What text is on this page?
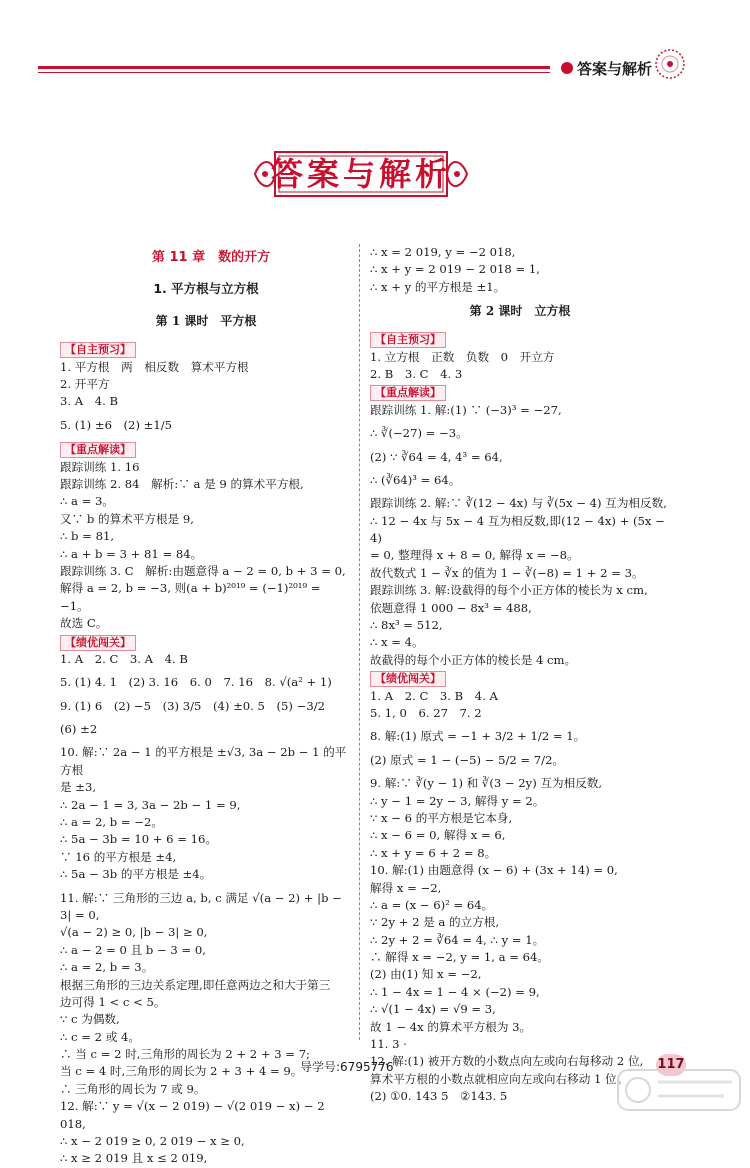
答案与解析
答案与解析
第 11 章　数的开方
1. 平方根与立方根
第 1 课时　平方根
【自主预习】

1. 平方根　两　相反数　算术平方根

2. 开平方

3. A　4. B

5. (1) ±6　(2) ±1/5

【重点解读】

跟踪训练 1. 16

跟踪训练 2. 84　解析:∵ a 是 9 的算术平方根,

∴ a = 3。

又∵ b 的算术平方根是 9,

∴ b = 81,

∴ a + b = 3 + 81 = 84。

跟踪训练 3. C　解析:由题意得 a − 2 = 0, b + 3 = 0,

解得 a = 2, b = −3, 则(a + b)²⁰¹⁹ = (−1)²⁰¹⁹ = −1。

故选 C。

【绩优闯关】

1. A　2. C　3. A　4. B

5. (1) 4. 1　(2) 3. 16　6. 0　7. 16　8. √(a² + 1)

9. (1) 6　(2) −5　(3) 3/5　(4) ±0. 5　(5) −3/2

(6) ±2

10. 解:∵ 2a − 1 的平方根是 ±√3, 3a − 2b − 1 的平方根

是 ±3,

∴ 2a − 1 = 3, 3a − 2b − 1 = 9,

∴ a = 2, b = −2。

∴ 5a − 3b = 10 + 6 = 16。

∵ 16 的平方根是 ±4,

∴ 5a − 3b 的平方根是 ±4。

11. 解:∵ 三角形的三边 a, b, c 满足 √(a − 2) + |b − 3| = 0,

√(a − 2) ≥ 0, |b − 3| ≥ 0,

∴ a − 2 = 0 且 b − 3 = 0,

∴ a = 2, b = 3。

根据三角形的三边关系定理,即任意两边之和大于第三

边可得 1 < c < 5。

∵ c 为偶数,

∴ c = 2 或 4。

∴ 当 c = 2 时,三角形的周长为 2 + 2 + 3 = 7;

当 c = 4 时,三角形的周长为 2 + 3 + 4 = 9。

∴ 三角形的周长为 7 或 9。

12. 解:∵ y = √(x − 2 019) − √(2 019 − x) − 2 018,

∴ x − 2 019 ≥ 0, 2 019 − x ≥ 0,

∴ x ≥ 2 019 且 x ≤ 2 019,

∴ x = 2 019, y = −2 018,

∴ x + y = 2 019 − 2 018 = 1,

∴ x + y 的平方根是 ±1。

第 2 课时　立方根
【自主预习】

1. 立方根　正数　负数　0　开立方

2. B　3. C　4. 3

【重点解读】

跟踪训练 1. 解:(1) ∵ (−3)³ = −27,

∴ ∛(−27) = −3。

(2) ∵ ∛64 = 4, 4³ = 64,

∴ (∛64)³ = 64。

跟踪训练 2. 解:∵ ∛(12 − 4x) 与 ∛(5x − 4) 互为相反数,

∴ 12 − 4x 与 5x − 4 互为相反数,即(12 − 4x) + (5x − 4)

= 0, 整理得 x + 8 = 0, 解得 x = −8。

故代数式 1 − ∛x 的值为 1 − ∛(−8) = 1 + 2 = 3。

跟踪训练 3. 解:设截得的每个小正方体的棱长为 x cm,

依题意得 1 000 − 8x³ = 488,

∴ 8x³ = 512,

∴ x = 4。

故截得的每个小正方体的棱长是 4 cm。

【绩优闯关】

1. A　2. C　3. B　4. A

5. 1, 0　6. 27　7. 2

8. 解:(1) 原式 = −1 + 3/2 + 1/2 = 1。

(2) 原式 = 1 − (−5) − 5/2 = 7/2。

9. 解:∵ ∛(y − 1) 和 ∛(3 − 2y) 互为相反数,

∴ y − 1 = 2y − 3, 解得 y = 2。

∵ x − 6 的平方根是它本身,

∴ x − 6 = 0, 解得 x = 6,

∴ x + y = 6 + 2 = 8。

10. 解:(1) 由题意得 (x − 6) + (3x + 14) = 0,

解得 x = −2,

∴ a = (x − 6)² = 64。

∵ 2y + 2 是 a 的立方根,

∴ 2y + 2 = ∛64 = 4, ∴ y = 1。

∴ 解得 x = −2, y = 1, a = 64。

(2) 由(1) 知 x = −2,

∴ 1 − 4x = 1 − 4 × (−2) = 9,

∴ √(1 − 4x) = √9 = 3,

故 1 − 4x 的算术平方根为 3。

11. 3 ·

12. 解:(1) 被开方数的小数点向左或向右每移动 2 位,

算术平方根的小数点就相应向左或向右移动 1 位。

(2) ①0. 143 5　②143. 5

导学号:6795776	117
